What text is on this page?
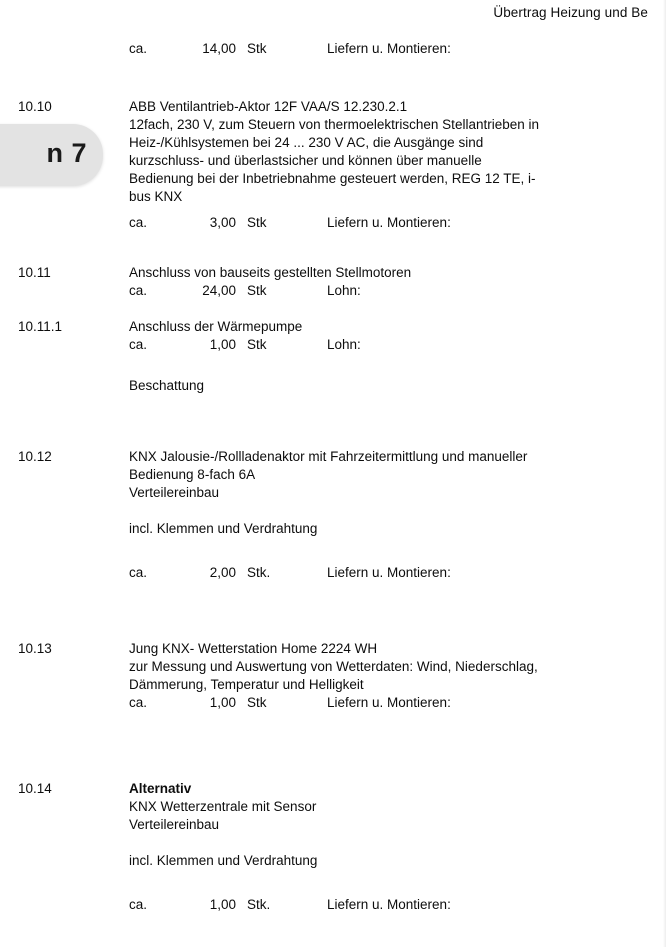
Übertrag Heizung und Be
ca.	14,00 Stk	Liefern u. Montieren:
10.10	ABB Ventilantrieb-Aktor 12F VAA/S 12.230.2.1
12fach, 230 V, zum Steuern von thermoelektrischen Stellantrieben in
Heiz-/Kühlsystemen bei 24 ... 230 V AC, die Ausgänge sind
kurzschluss- und überlastsicher und können über manuelle
Bedienung bei der Inbetriebnahme gesteuert werden, REG 12 TE, i-
bus KNX
ca.	3,00 Stk	Liefern u. Montieren:
10.11	Anschluss von bauseits gestellten Stellmotoren
ca.	24,00 Stk	Lohn:
10.11.1	Anschluss der Wärmepumpe
ca.	1,00 Stk	Lohn:
Beschattung
10.12	KNX Jalousie-/Rollladenaktor mit Fahrzeitermittlung und manueller
Bedienung 8-fach 6A
Verteilereinbau

incl. Klemmen und Verdrahtung
ca.	2,00 Stk.	Liefern u. Montieren:
10.13	Jung KNX- Wetterstation Home 2224 WH
zur Messung und Auswertung von Wetterdaten: Wind, Niederschlag,
Dämmerung, Temperatur und Helligkeit
ca.	1,00 Stk	Liefern u. Montieren:
10.14	Alternativ
KNX Wetterzentrale mit Sensor
Verteilereinbau

incl. Klemmen und Verdrahtung
ca.	1,00 Stk.	Liefern u. Montieren:
n 7
